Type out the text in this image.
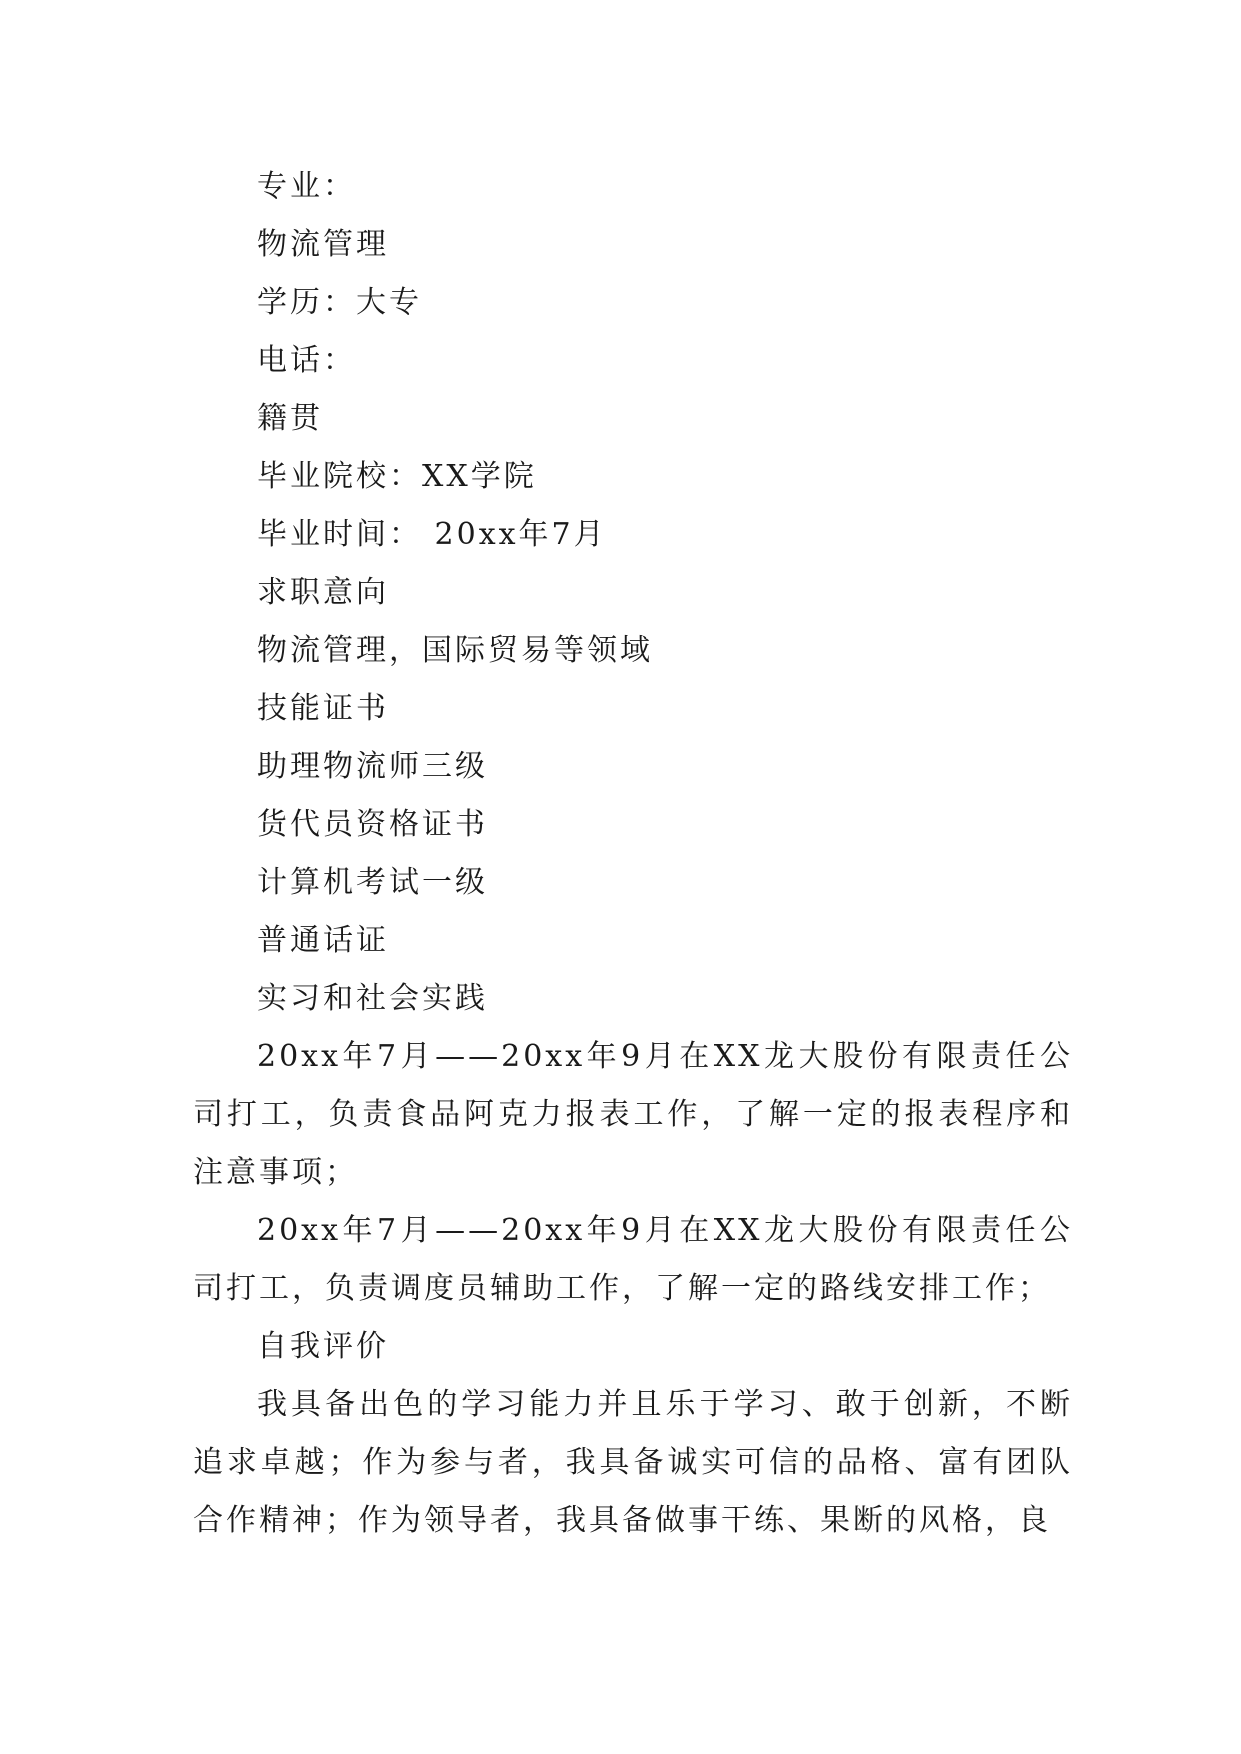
专业：
物流管理
学历：大专
电话：
籍贯
毕业院校：XX学院
毕业时间： 20xx年7月
求职意向
物流管理，国际贸易等领域
技能证书
助理物流师三级
货代员资格证书
计算机考试一级
普通话证
实习和社会实践
20xx年7月——20xx年9月在XX龙大股份有限责任公司打工，负责食品阿克力报表工作，了解一定的报表程序和注意事项；
20xx年7月——20xx年9月在XX龙大股份有限责任公司打工，负责调度员辅助工作，了解一定的路线安排工作；
自我评价
我具备出色的学习能力并且乐于学习、敢于创新，不断追求卓越；作为参与者，我具备诚实可信的品格、富有团队合作精神；作为领导者，我具备做事干练、果断的风格，良
